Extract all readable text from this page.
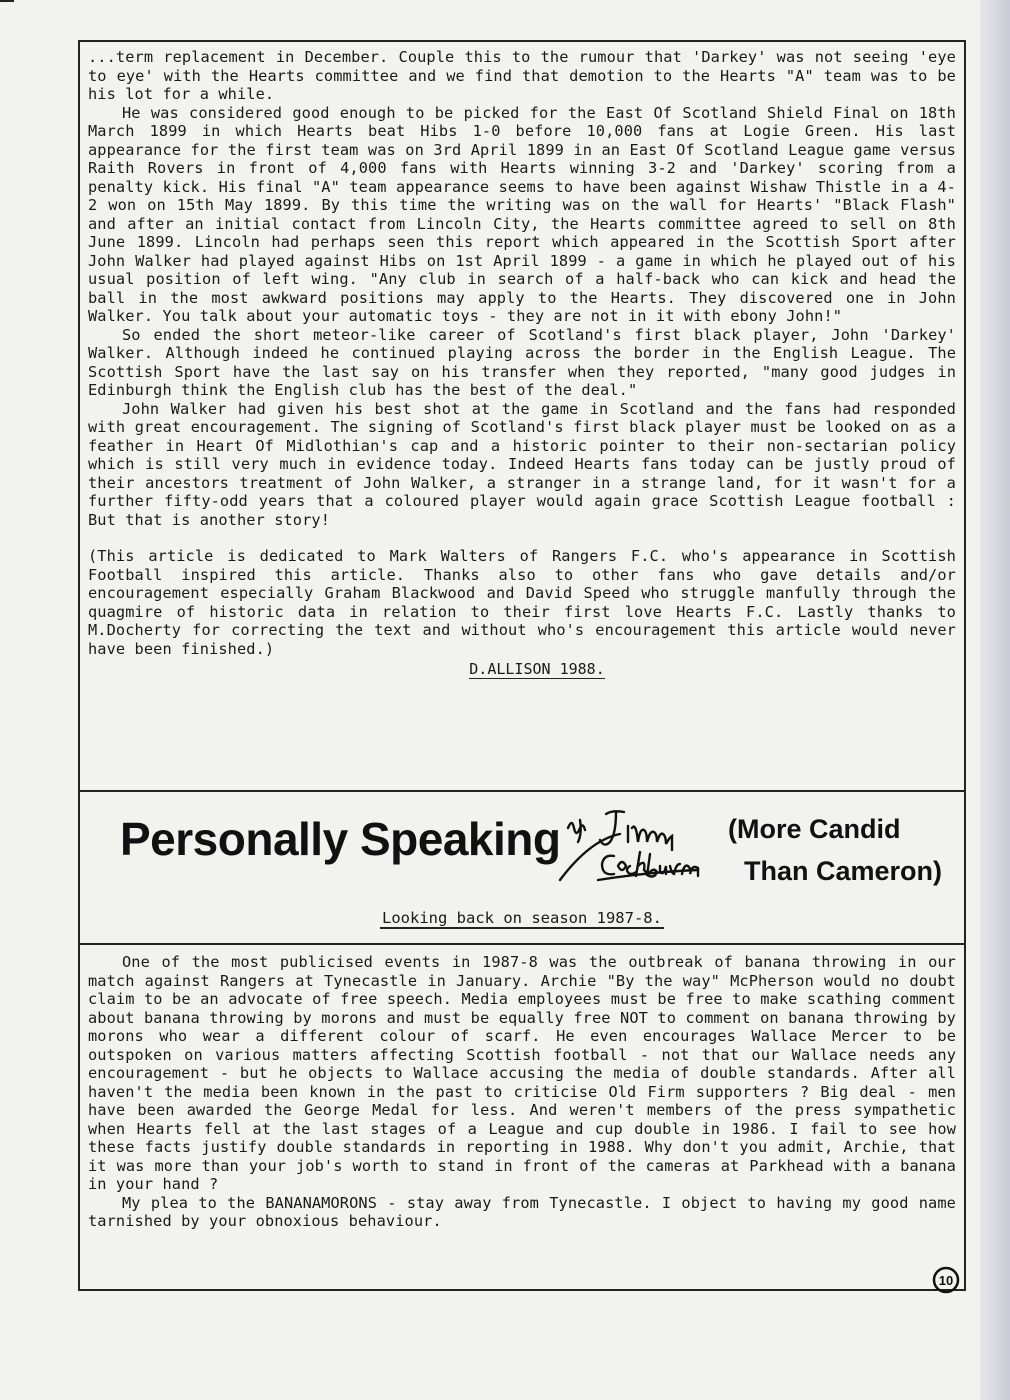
...term replacement in December. Couple this to the rumour that 'Darkey' was not seeing 'eye to eye' with the Hearts committee and we find that demotion to the Hearts "A" team was to be his lot for a while.

He was considered good enough to be picked for the East Of Scotland Shield Final on 18th March 1899 in which Hearts beat Hibs 1-0 before 10,000 fans at Logie Green. His last appearance for the first team was on 3rd April 1899 in an East Of Scotland League game versus Raith Rovers in front of 4,000 fans with Hearts winning 3-2 and 'Darkey' scoring from a penalty kick. His final "A" team appearance seems to have been against Wishaw Thistle in a 4-2 won on 15th May 1899. By this time the writing was on the wall for Hearts' "Black Flash" and after an initial contact from Lincoln City, the Hearts committee agreed to sell on 8th June 1899. Lincoln had perhaps seen this report which appeared in the Scottish Sport after John Walker had played against Hibs on 1st April 1899 - a game in which he played out of his usual position of left wing. "Any club in search of a half-back who can kick and head the ball in the most awkward positions may apply to the Hearts. They discovered one in John Walker. You talk about your automatic toys - they are not in it with ebony John!"

So ended the short meteor-like career of Scotland's first black player, John 'Darkey' Walker. Although indeed he continued playing across the border in the English League. The Scottish Sport have the last say on his transfer when they reported, "many good judges in Edinburgh think the English club has the best of the deal."

John Walker had given his best shot at the game in Scotland and the fans had responded with great encouragement. The signing of Scotland's first black player must be looked on as a feather in Heart Of Midlothian's cap and a historic pointer to their non-sectarian policy which is still very much in evidence today. Indeed Hearts fans today can be justly proud of their ancestors treatment of John Walker, a stranger in a strange land, for it wasn't for a further fifty-odd years that a coloured player would again grace Scottish League football : But that is another story!

(This article is dedicated to Mark Walters of Rangers F.C. who's appearance in Scottish Football inspired this article. Thanks also to other fans who gave details and/or encouragement especially Graham Blackwood and David Speed who struggle manfully through the quagmire of historic data in relation to their first love Hearts F.C. Lastly thanks to M.Docherty for correcting the text and without who's encouragement this article would never have been finished.)

D.ALLISON 1988.
Personally Speaking	(More Candid
Than Cameron)
Looking back on season 1987-8.

One of the most publicised events in 1987-8 was the outbreak of banana throwing in our match against Rangers at Tynecastle in January. Archie "By the way" McPherson would no doubt claim to be an advocate of free speech. Media employees must be free to make scathing comment about banana throwing by morons and must be equally free NOT to comment on banana throwing by morons who wear a different colour of scarf. He even encourages Wallace Mercer to be outspoken on various matters affecting Scottish football - not that our Wallace needs any encouragement - but he objects to Wallace accusing the media of double standards. After all haven't the media been known in the past to criticise Old Firm supporters ? Big deal - men have been awarded the George Medal for less. And weren't members of the press sympathetic when Hearts fell at the last stages of a League and cup double in 1986. I fail to see how these facts justify double standards in reporting in 1988. Why don't you admit, Archie, that it was more than your job's worth to stand in front of the cameras at Parkhead with a banana in your hand ?

My plea to the BANANAMORONS - stay away from Tynecastle. I object to having my good name tarnished by your obnoxious behaviour.

10
